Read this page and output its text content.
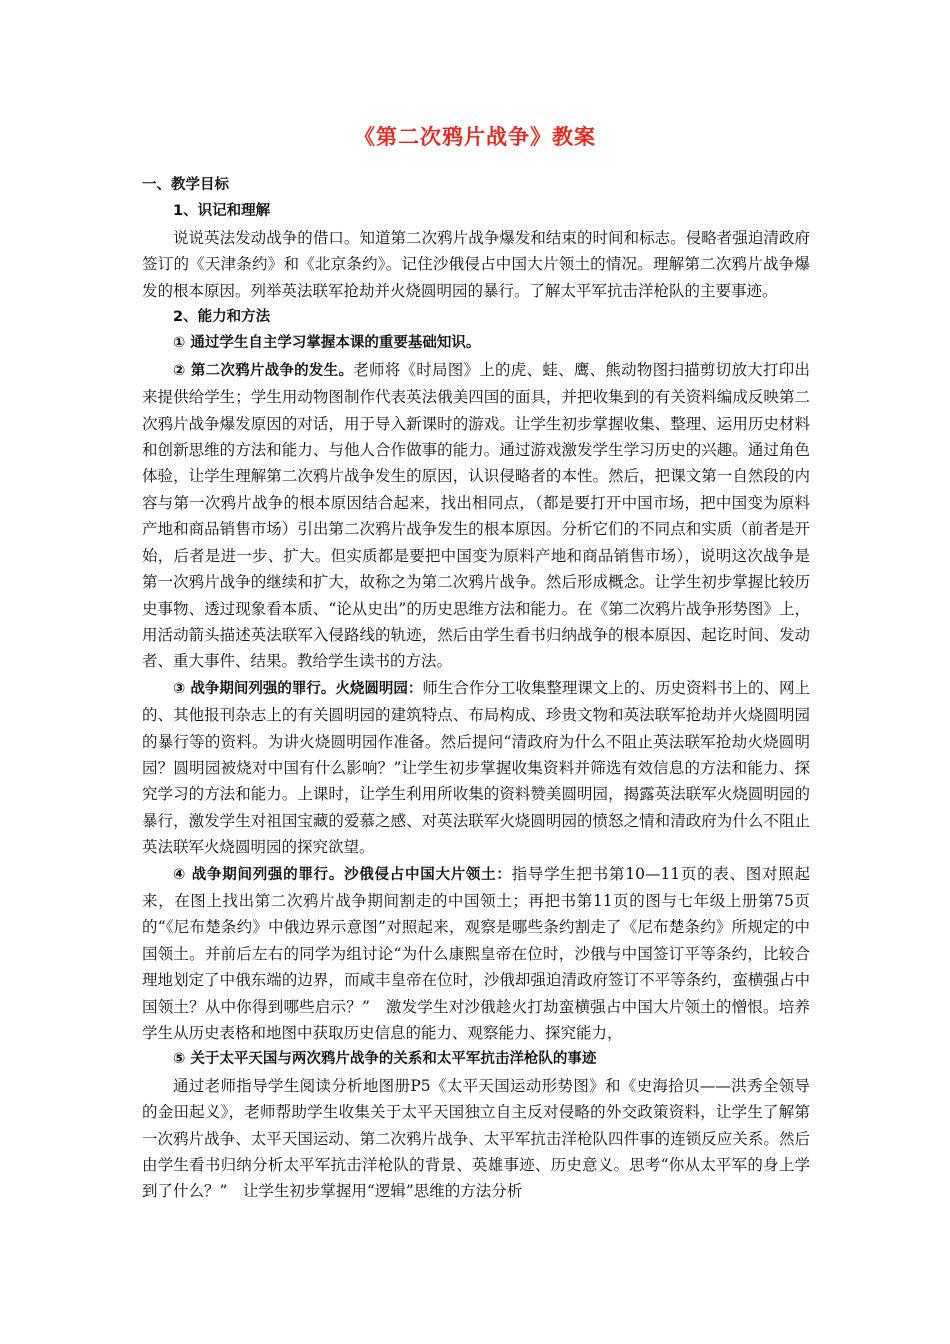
《第二次鸦片战争》教案

一、教学目标

1、识记和理解

说说英法发动战争的借口。知道第二次鸦片战争爆发和结束的时间和标志。侵略者强迫清政府签订的《天津条约》和《北京条约》。记住沙俄侵占中国大片领土的情况。理解第二次鸦片战争爆发的根本原因。列举英法联军抢劫并火烧圆明园的暴行。了解太平军抗击洋枪队的主要事迹。

2、能力和方法

① 通过学生自主学习掌握本课的重要基础知识。

② 第二次鸦片战争的发生。老师将《时局图》上的虎、蛙、鹰、熊动物图扫描剪切放大打印出来提供给学生；学生用动物图制作代表英法俄美四国的面具，并把收集到的有关资料编成反映第二次鸦片战争爆发原因的对话，用于导入新课时的游戏。让学生初步掌握收集、整理、运用历史材料和创新思维的方法和能力、与他人合作做事的能力。通过游戏激发学生学习历史的兴趣。通过角色体验，让学生理解第二次鸦片战争发生的原因，认识侵略者的本性。然后，把课文第一自然段的内容与第一次鸦片战争的根本原因结合起来，找出相同点，（都是要打开中国市场，把中国变为原料产地和商品销售市场）引出第二次鸦片战争发生的根本原因。分析它们的不同点和实质（前者是开始，后者是进一步、扩大。但实质都是要把中国变为原料产地和商品销售市场），说明这次战争是第一次鸦片战争的继续和扩大，故称之为第二次鸦片战争。然后形成概念。让学生初步掌握比较历史事物、透过现象看本质、“论从史出”的历史思维方法和能力。在《第二次鸦片战争形势图》上，用活动箭头描述英法联军入侵路线的轨迹，然后由学生看书归纳战争的根本原因、起讫时间、发动者、重大事件、结果。教给学生读书的方法。

③ 战争期间列强的罪行。火烧圆明园：师生合作分工收集整理课文上的、历史资料书上的、网上的、其他报刊杂志上的有关圆明园的建筑特点、布局构成、珍贵文物和英法联军抢劫并火烧圆明园的暴行等的资料。为讲火烧圆明园作准备。然后提问“清政府为什么不阻止英法联军抢劫火烧圆明园？圆明园被烧对中国有什么影响？”让学生初步掌握收集资料并筛选有效信息的方法和能力、探究学习的方法和能力。上课时，让学生利用所收集的资料赞美圆明园，揭露英法联军火烧圆明园的暴行，激发学生对祖国宝藏的爱慕之感、对英法联军火烧圆明园的愤怒之情和清政府为什么不阻止英法联军火烧圆明园的探究欲望。

④ 战争期间列强的罪行。沙俄侵占中国大片领土：指导学生把书第10—11页的表、图对照起来，在图上找出第二次鸦片战争期间割走的中国领土；再把书第11页的图与七年级上册第75页的“《尼布楚条约》中俄边界示意图”对照起来，观察是哪些条约割走了《尼布楚条约》所规定的中国领土。并前后左右的同学为组讨论“为什么康熙皇帝在位时，沙俄与中国签订平等条约，比较合理地划定了中俄东端的边界，而咸丰皇帝在位时，沙俄却强迫清政府签订不平等条约，蛮横强占中国领土？从中你得到哪些启示？”　激发学生对沙俄趁火打劫蛮横强占中国大片领土的憎恨。培养学生从历史表格和地图中获取历史信息的能力、观察能力、探究能力，

⑤ 关于太平天国与两次鸦片战争的关系和太平军抗击洋枪队的事迹

通过老师指导学生阅读分析地图册P5《太平天国运动形势图》和《史海拾贝——洪秀全领导的金田起义》，老师帮助学生收集关于太平天国独立自主反对侵略的外交政策资料，让学生了解第一次鸦片战争、太平天国运动、第二次鸦片战争、太平军抗击洋枪队四件事的连锁反应关系。然后由学生看书归纳分析太平军抗击洋枪队的背景、英雄事迹、历史意义。思考“你从太平军的身上学到了什么？”　让学生初步掌握用“逻辑”思维的方法分析
